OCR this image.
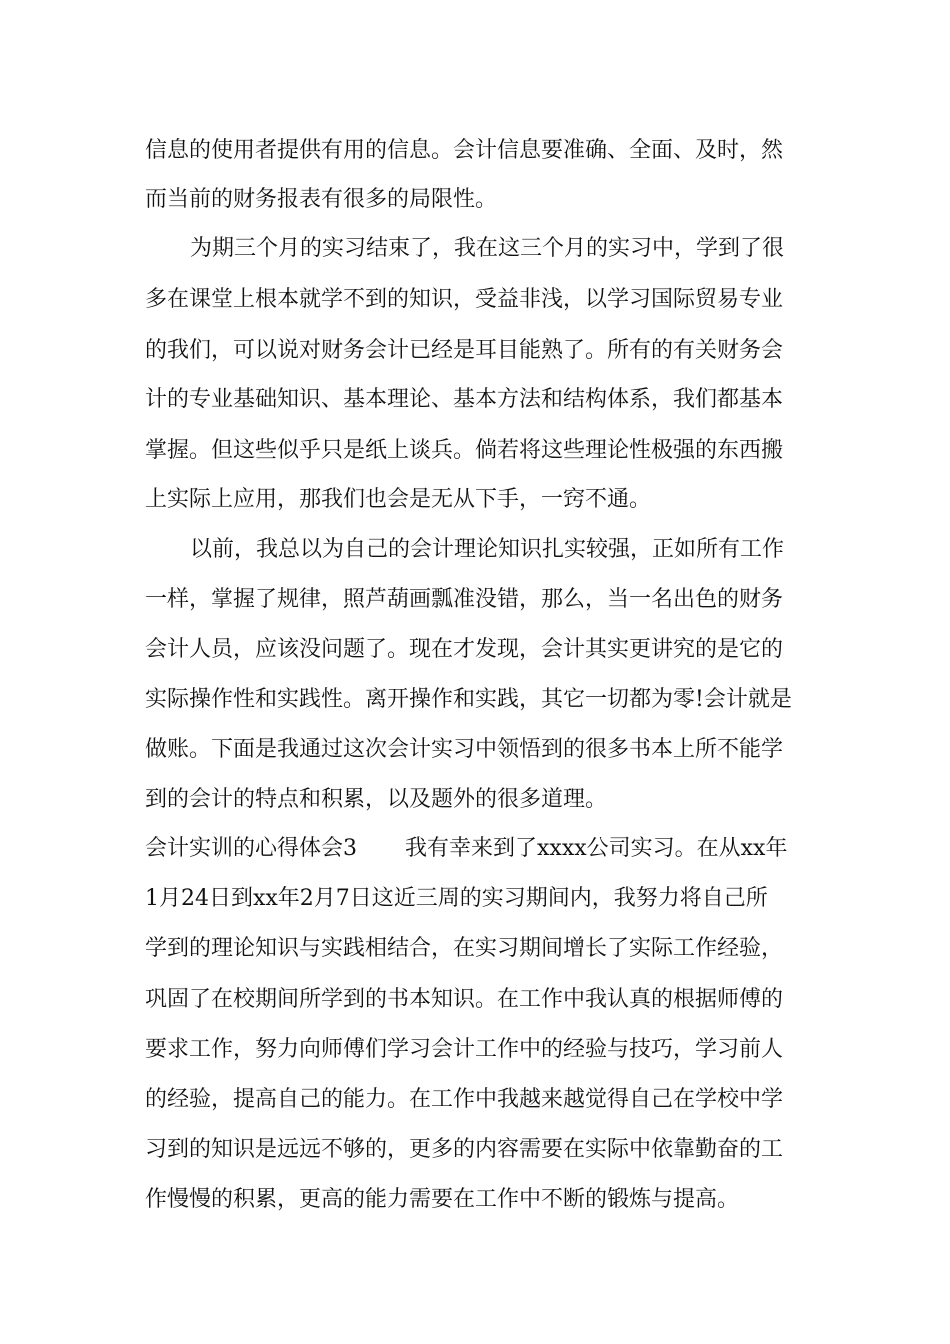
信息的使用者提供有用的信息。会计信息要准确、全面、及时，然
而当前的财务报表有很多的局限性。
为期三个月的实习结束了，我在这三个月的实习中，学到了很
多在课堂上根本就学不到的知识，受益非浅，以学习国际贸易专业
的我们，可以说对财务会计已经是耳目能熟了。所有的有关财务会
计的专业基础知识、基本理论、基本方法和结构体系，我们都基本
掌握。但这些似乎只是纸上谈兵。倘若将这些理论性极强的东西搬
上实际上应用，那我们也会是无从下手，一窍不通。
以前，我总以为自己的会计理论知识扎实较强，正如所有工作
一样，掌握了规律，照芦葫画瓢准没错，那么，当一名出色的财务
会计人员，应该没问题了。现在才发现，会计其实更讲究的是它的
实际操作性和实践性。离开操作和实践，其它一切都为零!会计就是
做账。下面是我通过这次会计实习中领悟到的很多书本上所不能学
到的会计的特点和积累，以及题外的很多道理。
会计实训的心得体会3 我有幸来到了xxxx公司实习。在从xx年
1月24日到xx年2月7日这近三周的实习期间内，我努力将自己所
学到的理论知识与实践相结合，在实习期间增长了实际工作经验，
巩固了在校期间所学到的书本知识。在工作中我认真的根据师傅的
要求工作，努力向师傅们学习会计工作中的经验与技巧，学习前人
的经验，提高自己的能力。在工作中我越来越觉得自己在学校中学
习到的知识是远远不够的，更多的内容需要在实际中依靠勤奋的工
作慢慢的积累，更高的能力需要在工作中不断的锻炼与提高。
